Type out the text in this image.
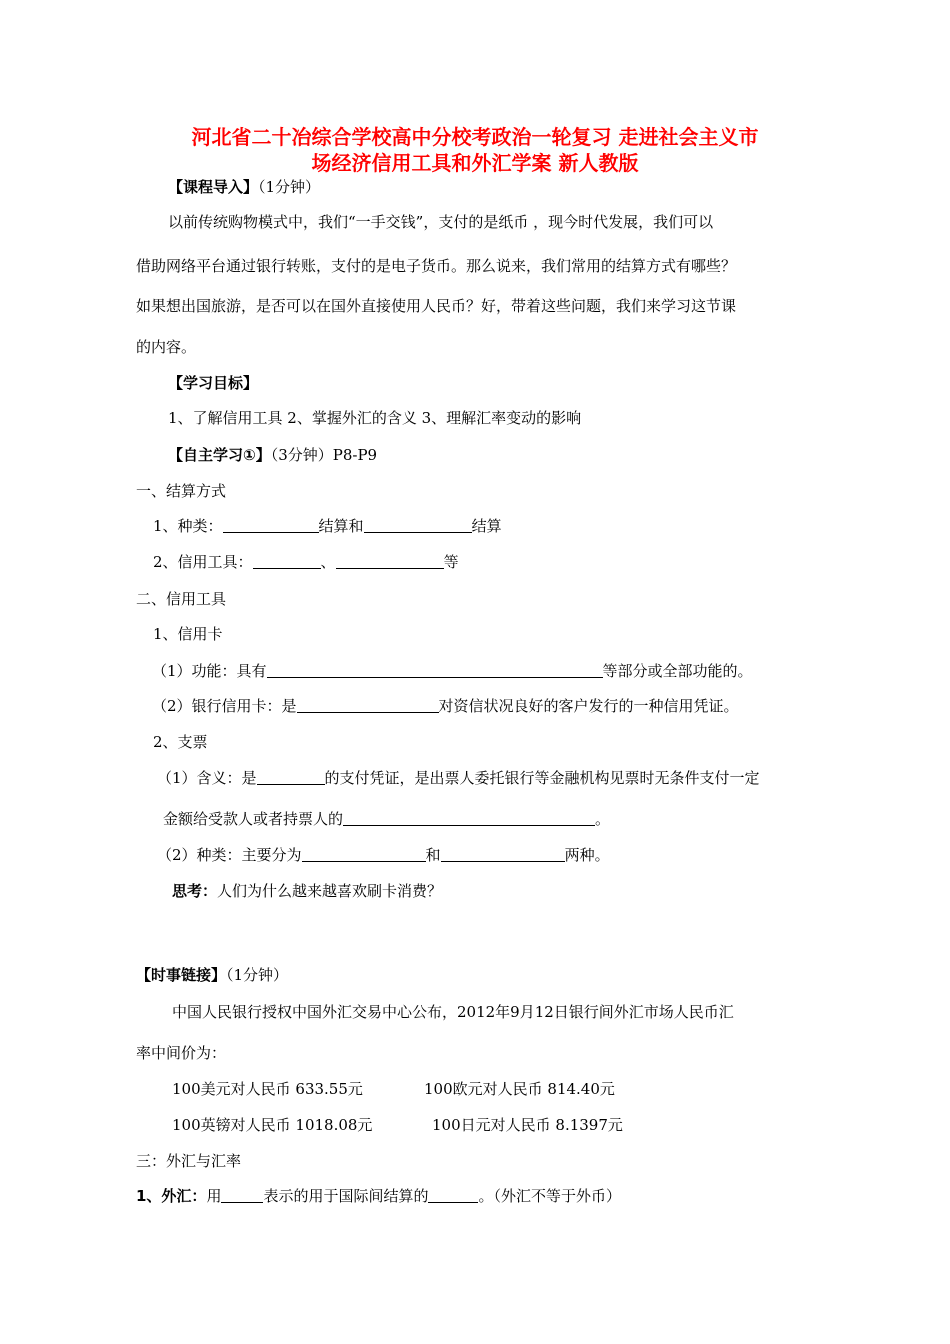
河北省二十冶综合学校高中分校考政治一轮复习 走进社会主义市
场经济信用工具和外汇学案 新人教版
【课程导入】（1分钟）
以前传统购物模式中，我们“一手交钱”，支付的是纸币 ，现今时代发展，我们可以
借助网络平台通过银行转账，支付的是电子货币。那么说来，我们常用的结算方式有哪些？
如果想出国旅游，是否可以在国外直接使用人民币？好，带着这些问题，我们来学习这节课
的内容。
【学习目标】
1、了解信用工具 2、掌握外汇的含义 3、理解汇率变动的影响
【自主学习①】（3分钟）P8-P9
一、结算方式
1、种类：	结算和	结算
2、信用工具：	、	等
二、信用工具
1、信用卡
（1）功能：具有	等部分或全部功能的。
（2）银行信用卡：是	对资信状况良好的客户发行的一种信用凭证。
2、支票
（1）含义：是	的支付凭证，是出票人委托银行等金融机构见票时无条件支付一定
金额给受款人或者持票人的	。
（2）种类：主要分为	和	两种。
思考：人们为什么越来越喜欢刷卡消费？
【时事链接】（1分钟）
中国人民银行授权中国外汇交易中心公布，2012年9月12日银行间外汇市场人民币汇
率中间价为：
100美元对人民币 633.55元	100欧元对人民币 814.40元
100英镑对人民币 1018.08元	100日元对人民币 8.1397元
三：外汇与汇率
1、外汇：用	表示的用于国际间结算的	。（外汇不等于外币）
